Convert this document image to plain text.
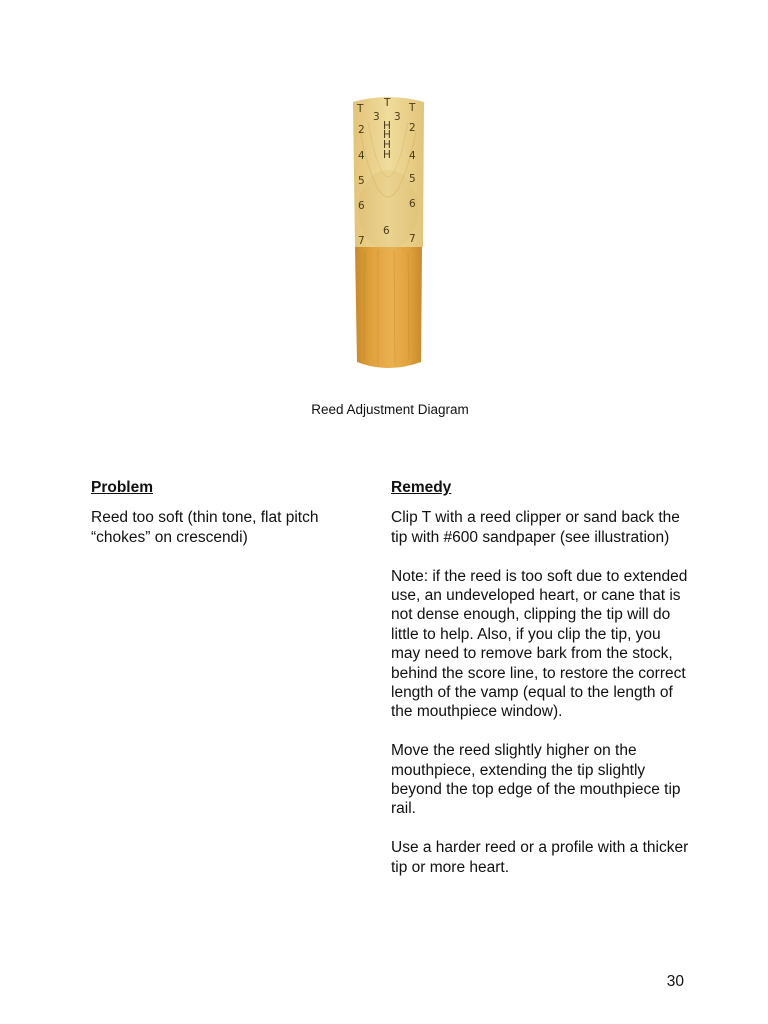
T
T	T
3 3
H
H
H
H
2
4
5
6
7
2
4
5
6
7
6
Reed Adjustment Diagram
Problem
Reed too soft (thin tone, flat pitch “chokes” on crescendi)
Remedy
Clip T with a reed clipper or sand back the tip with #600 sandpaper (see illustration)
Note: if the reed is too soft due to extended use, an undeveloped heart, or cane that is not dense enough, clipping the tip will do little to help. Also, if you clip the tip, you may need to remove bark from the stock, behind the score line, to restore the correct length of the vamp (equal to the length of the mouthpiece window).
Move the reed slightly higher on the mouthpiece, extending the tip slightly beyond the top edge of the mouthpiece tip rail.
Use a harder reed or a profile with a thicker tip or more heart.
30
